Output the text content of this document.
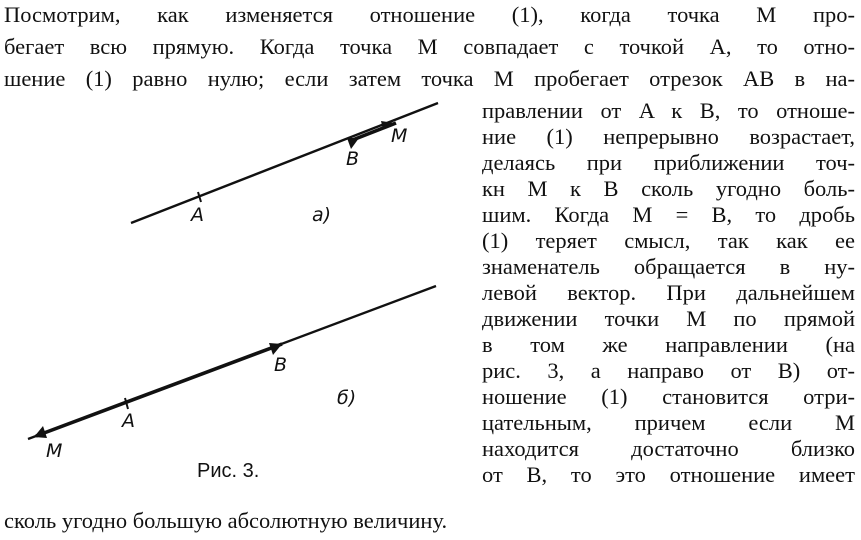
Посмотрим, как изменяется отношение (1), когда точка M про-
бегает всю прямую. Когда точка M совпадает с точкой A, то отно-
шение (1) равно нулю; если затем точка M пробегает отрезок AB в на-
правлении от A к B, то отноше-
ние (1) непрерывно возрастает,
делаясь при приближении точ-
кн M к B сколь угодно боль-
шим. Когда M = B, то дробь
(1) теряет смысл, так как ее
знаменатель обращается в ну-
левой вектор. При дальнейшем
движении точки M по прямой
в том же направлении (на
рис. 3, a направо от B) от-
ношение (1) становится отри-
цательным, причем если M
находится достаточно близко
от B, то это отношение имеет
сколь угодно большую абсолютную величину.
A
B
M
a)
M
A
B
б)
Рис. 3.
